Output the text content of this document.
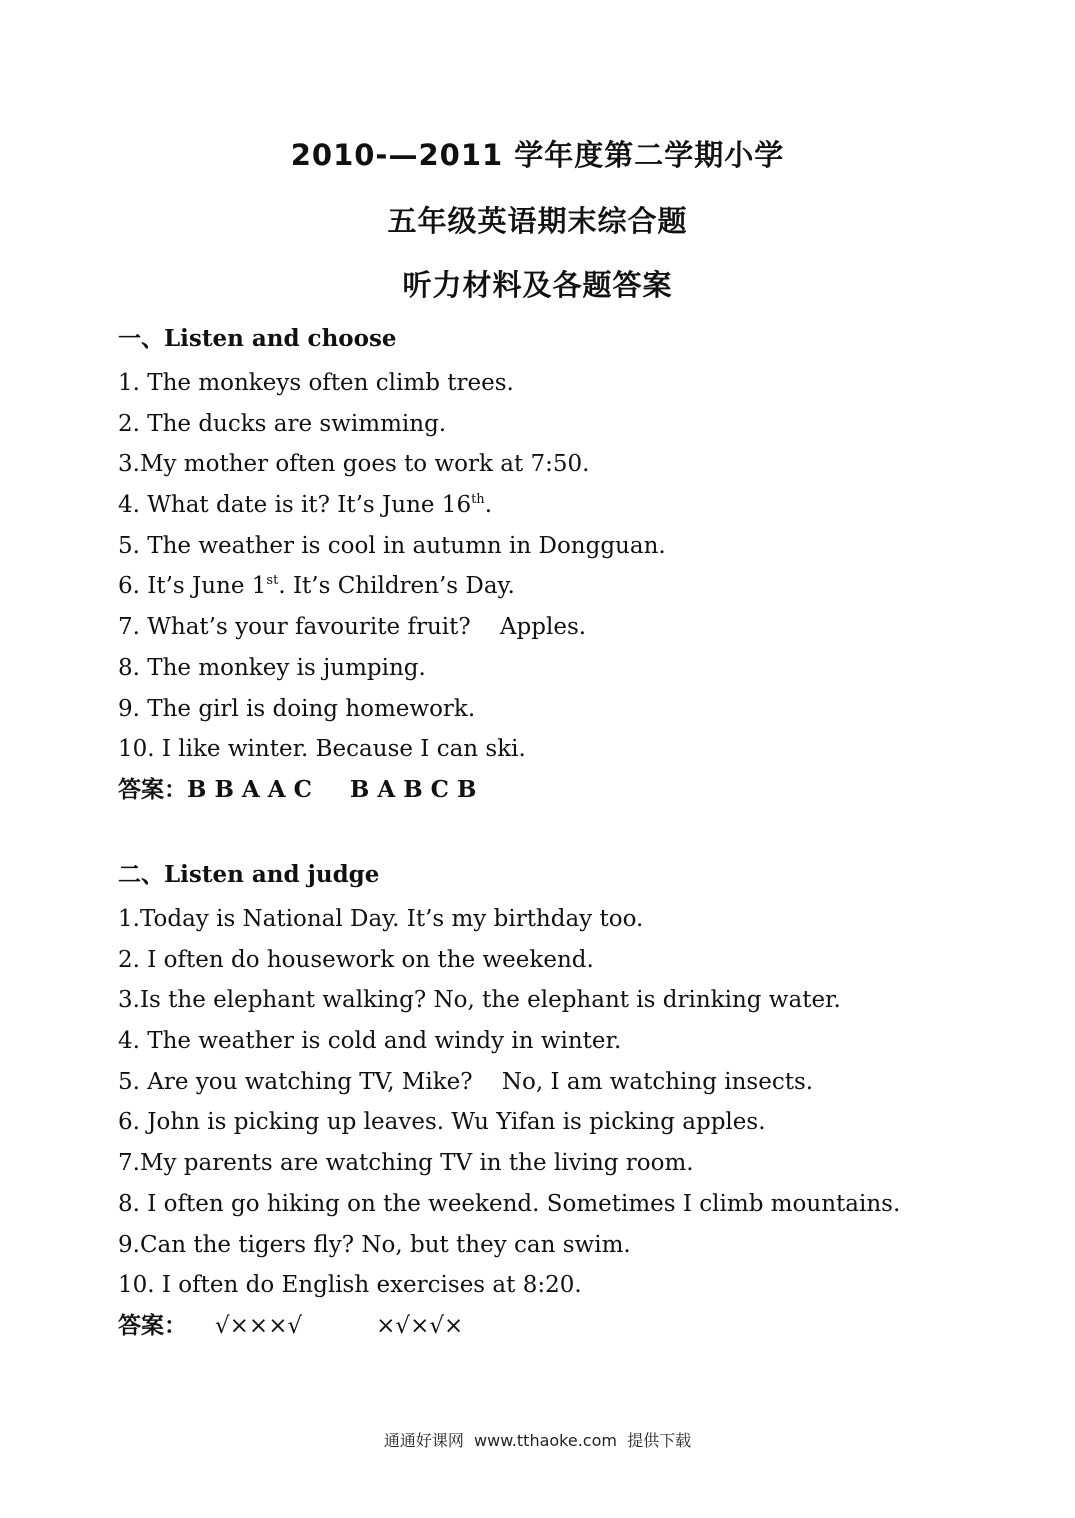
2010-—2011 学年度第二学期小学
五年级英语期末综合题
听力材料及各题答案
一、Listen and choose
1. The monkeys often climb trees.
2. The ducks are swimming.
3.My mother often goes to work at 7:50.
4. What date is it? It’s June 16th.
5. The weather is cool in autumn in Dongguan.
6. It’s June 1st. It’s Children’s Day.
7. What’s your favourite fruit?    Apples.
8. The monkey is jumping.
9. The girl is doing homework.
10. I like winter. Because I can ski.
答案：B B A A C B A B C B
二、Listen and judge
1.Today is National Day. It’s my birthday too.
2. I often do housework on the weekend.
3.Is the elephant walking? No, the elephant is drinking water.
4. The weather is cold and windy in winter.
5. Are you watching TV, Mike?    No, I am watching insects.
6. John is picking up leaves. Wu Yifan is picking apples.
7.My parents are watching TV in the living room.
8. I often go hiking on the weekend. Sometimes I climb mountains.
9.Can the tigers fly? No, but they can swim.
10. I often do English exercises at 8:20.
答案： √×××√	×√×√×
通通好课网  www.tthaoke.com  提供下载
